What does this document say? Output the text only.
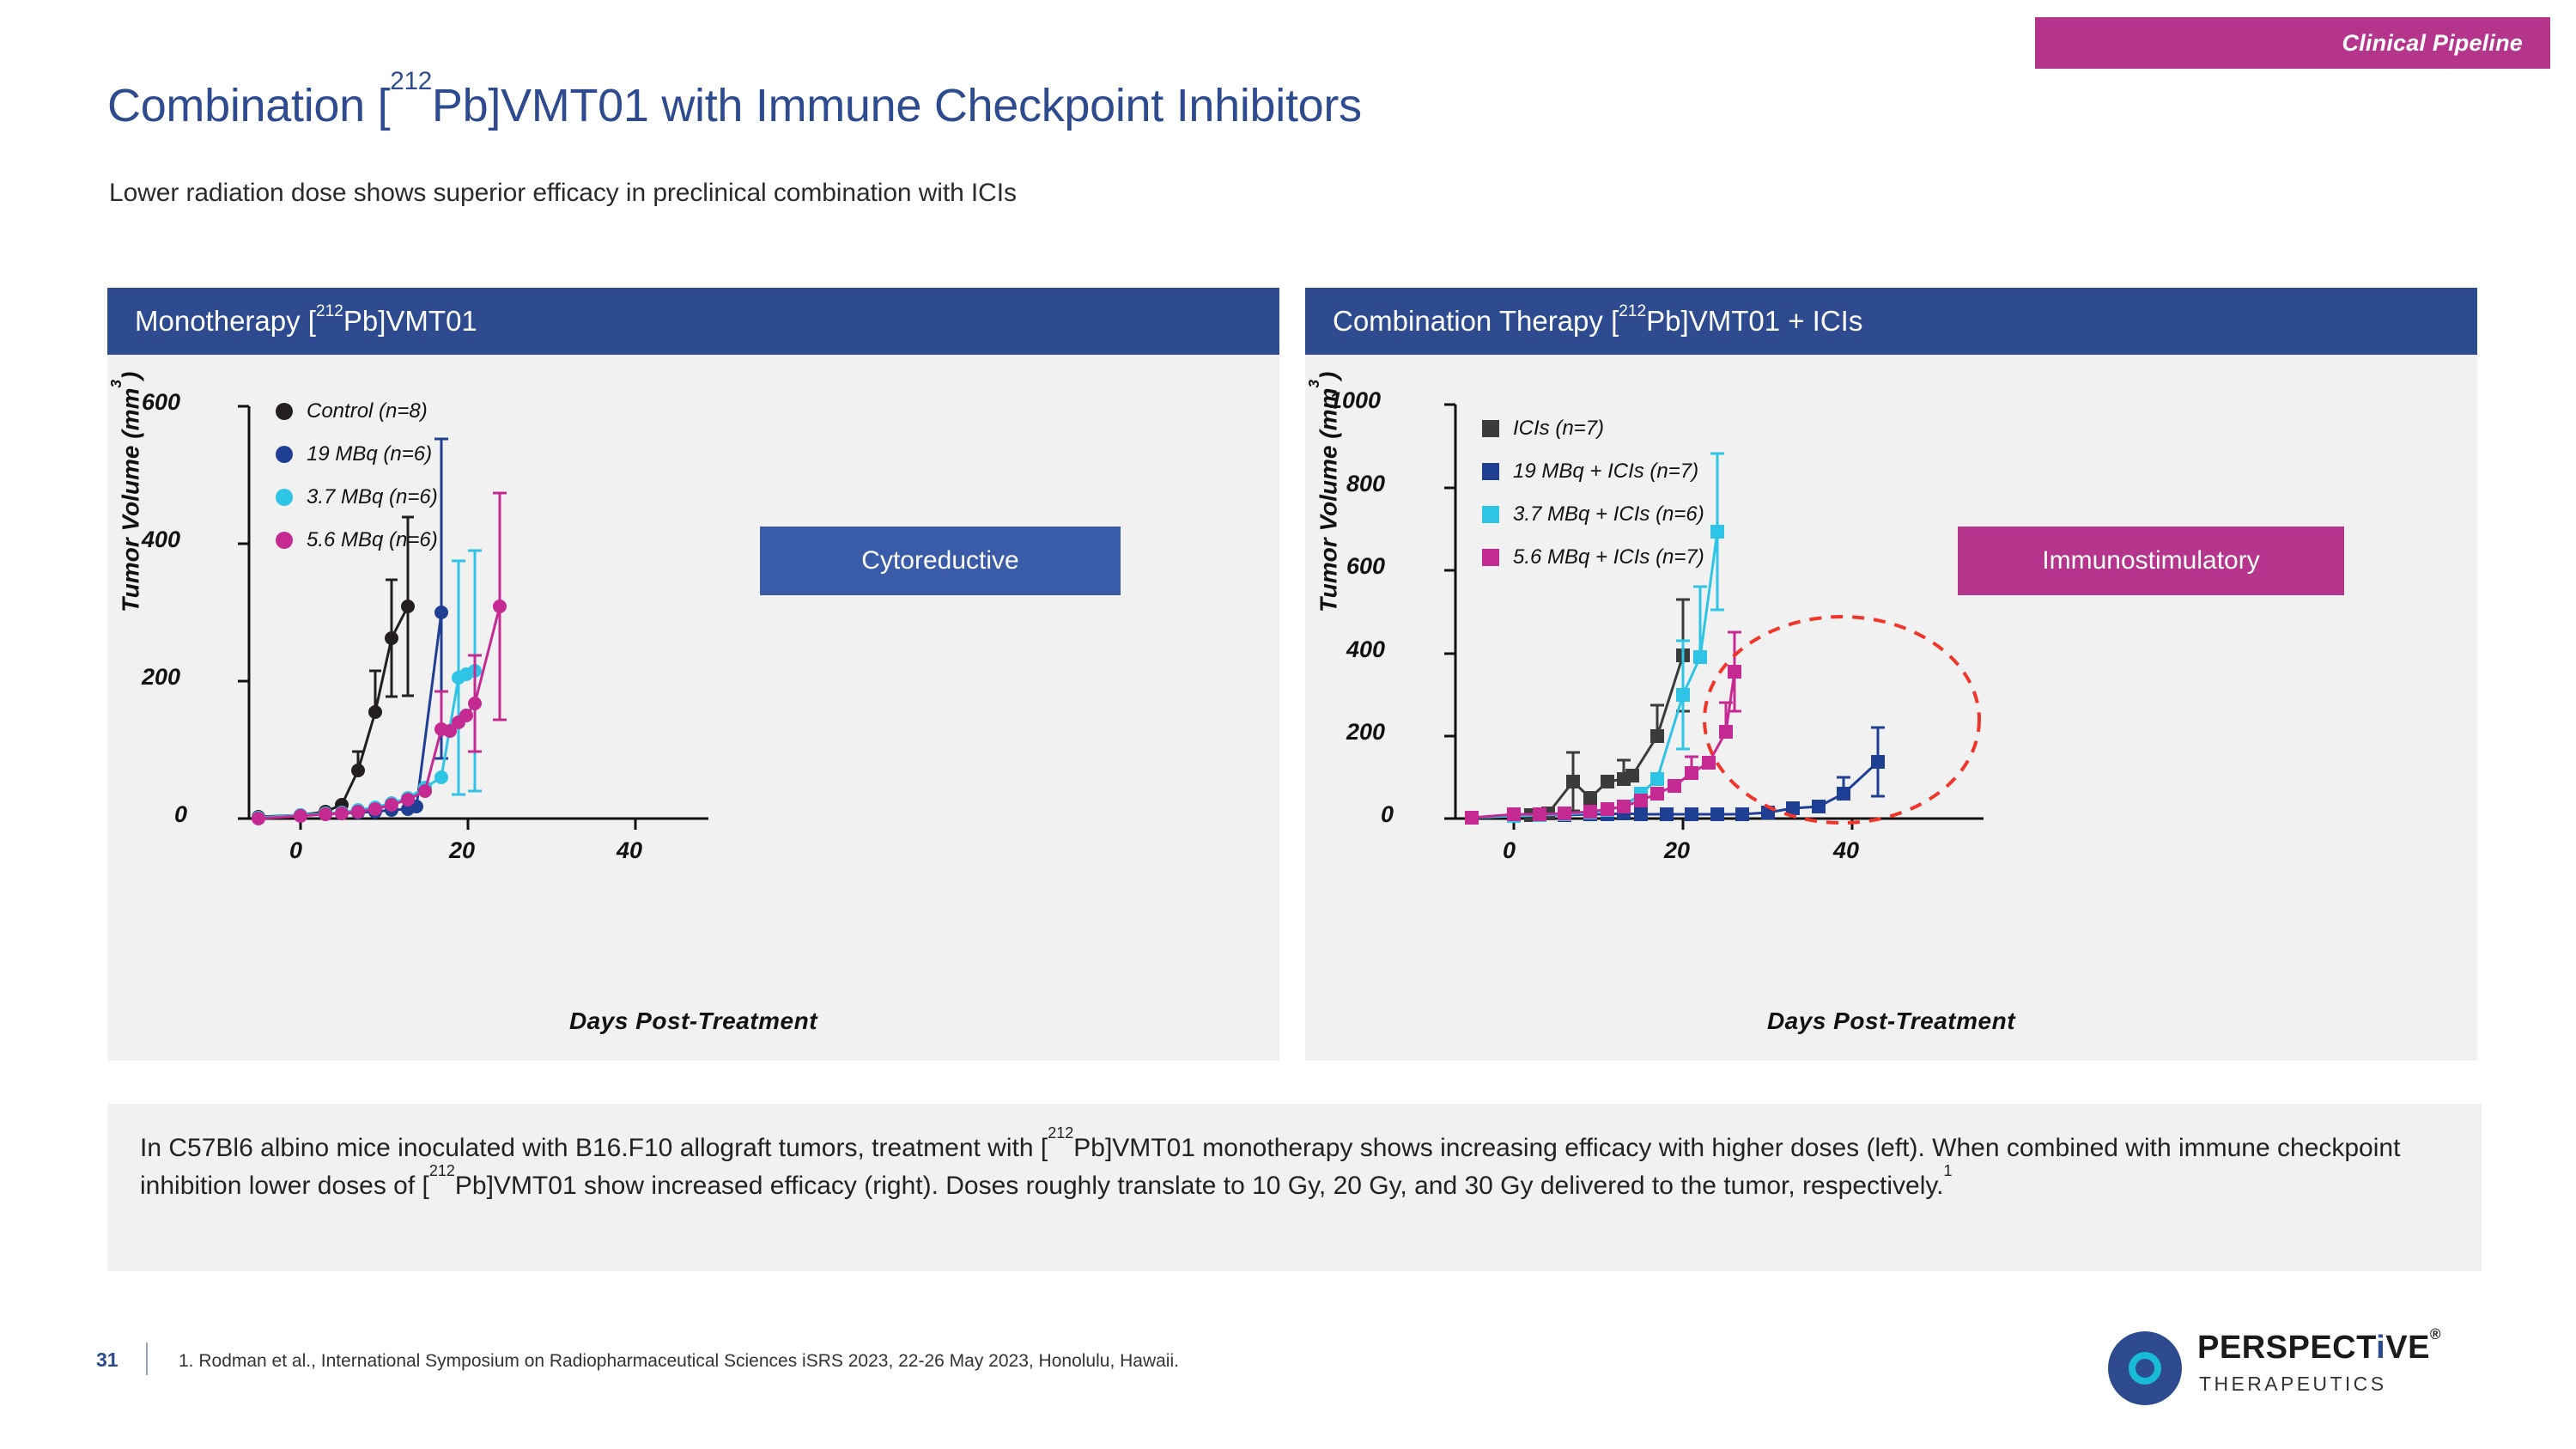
Clinical Pipeline
Combination [$^{212}$Pb]VMT01 with Immune Checkpoint Inhibitors
Lower radiation dose shows superior efficacy in preclinical combination with ICIs
Monotherapy [$^{212}$ Pb]VMT01
Tumor Volume $(mm^3)$
0
200
400
600
0	20	40
Days Post-Treatment
Control (n=8)
19 MBq (n=6)
3.7 MBq (n=6)
5.6 MBq (n=6)
Cytoreductive
Combination Therapy [$^{212}$ Pb]VMT01 + ICIs
Tumor Volume $(mm^3)$
0
200
400
600
800
1000
0	20	40
Days Post-Treatment
ICIs (n=7)
19 MBq + ICIs (n=7)
3.7 MBq + ICIs (n=6)
5.6 MBq + ICIs (n=7)	Immunostimulatory
In C57Bl6 albino mice inoculated with B16.F10 allograft tumors, treatment with [$^{212}$Pb]VMT01 monotherapy shows increasing efficacy with higher doses (left). When combined with immune checkpoint inhibition lower doses of [$^{212}$Pb]VMT01 show increased efficacy (right). Doses roughly translate to 10 Gy, 20 Gy, and 30 Gy delivered to the tumor, respectively.$^1$
31	1. Rodman et al., International Symposium on Radiopharmaceutical Sciences iSRS 2023, 22-26 May 2023, Honolulu, Hawaii.	PERSPECTiVE®
THERAPEUTICS
